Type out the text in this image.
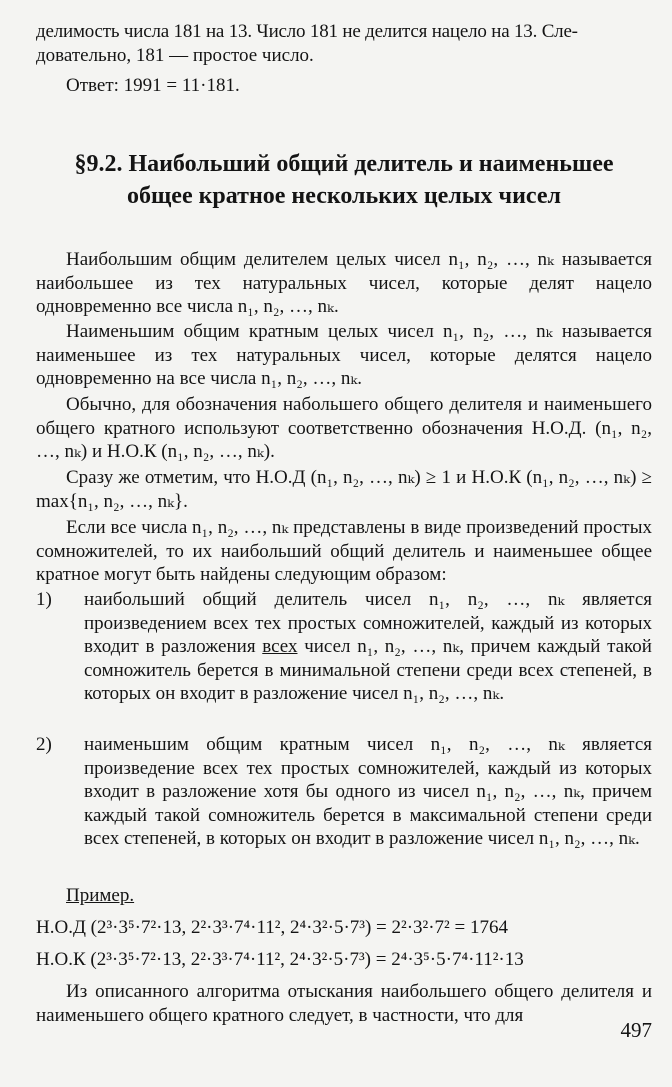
делимость числа 181 на 13. Число 181 не делится нацело на 13. Сле-

довательно, 181 — простое число.

Ответ: 1991 = 11·181.

§9.2. Наибольший общий делитель и наименьшее

общее кратное нескольких целых чисел

Наибольшим общим делителем целых чисел n₁, n₂, …, nₖ называется наибольшее из тех натуральных чисел, которые делят нацело одновременно все числа n₁, n₂, …, nₖ.

Наименьшим общим кратным целых чисел n₁, n₂, …, nₖ называется наименьшее из тех натуральных чисел, которые делятся нацело одновременно на все числа n₁, n₂, …, nₖ.

Обычно, для обозначения набольшего общего делителя и наименьшего общего кратного используют соответственно обозначения Н.О.Д. (n₁, n₂, …, nₖ) и Н.О.К (n₁, n₂, …, nₖ).

Сразу же отметим, что Н.О.Д (n₁, n₂, …, nₖ) ≥ 1 и Н.О.К (n₁, n₂, …, nₖ) ≥ max{n₁, n₂, …, nₖ}.

Если все числа n₁, n₂, …, nₖ представлены в виде произведений простых сомножителей, то их наибольший общий делитель и наименьшее общее кратное могут быть найдены следующим образом:

1) наибольший общий делитель чисел n₁, n₂, …, nₖ является произведением всех тех простых сомножителей, каждый из которых входит в разложения всех чисел n₁, n₂, …, nₖ, причем каждый такой сомножитель берется в минимальной степени среди всех степеней, в которых он входит в разложение чисел n₁, n₂, …, nₖ.
2) наименьшим общим кратным чисел n₁, n₂, …, nₖ является произведение всех тех простых сомножителей, каждый из которых входит в разложение хотя бы одного из чисел n₁, n₂, …, nₖ, причем каждый такой сомножитель берется в максимальной степени среди всех степеней, в которых он входит в разложение чисел n₁, n₂, …, nₖ.

Пример.

Н.О.Д (2³·3⁵·7²·13, 2²·3³·7⁴·11², 2⁴·3²·5·7³) = 2²·3²·7² = 1764

Н.О.К (2³·3⁵·7²·13, 2²·3³·7⁴·11², 2⁴·3²·5·7³) = 2⁴·3⁵·5·7⁴·11²·13

Из описанного алгоритма отыскания наибольшего общего делителя и наименьшего общего кратного следует, в частности, что для

497
